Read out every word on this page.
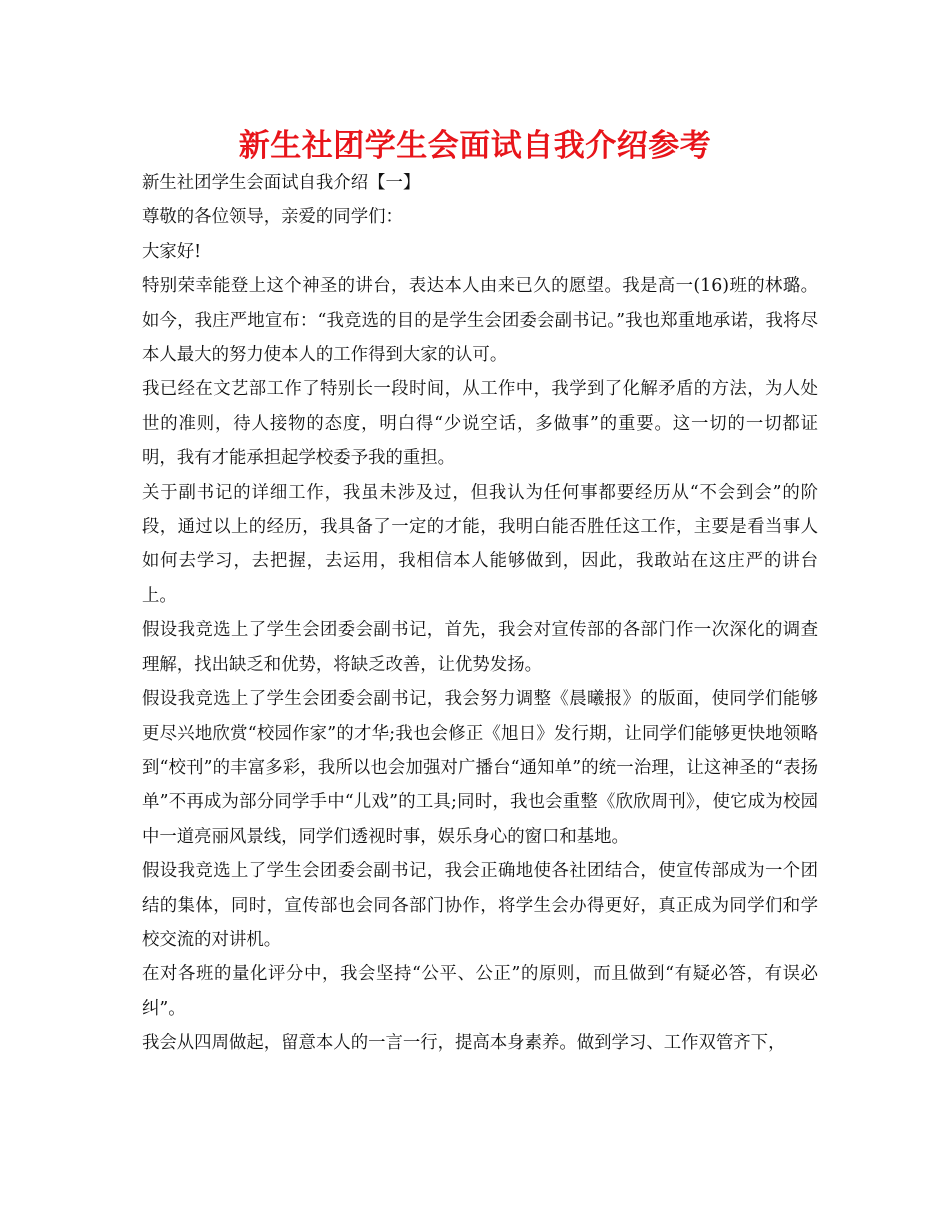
新生社团学生会面试自我介绍参考

新生社团学生会面试自我介绍【一】

尊敬的各位领导，亲爱的同学们：

大家好!

特别荣幸能登上这个神圣的讲台，表达本人由来已久的愿望。我是高一(16)班的林璐。如今，我庄严地宣布：“我竞选的目的是学生会团委会副书记。”我也郑重地承诺，我将尽本人最大的努力使本人的工作得到大家的认可。

我已经在文艺部工作了特别长一段时间，从工作中，我学到了化解矛盾的方法，为人处世的准则，待人接物的态度，明白得“少说空话，多做事”的重要。这一切的一切都证明，我有才能承担起学校委予我的重担。

关于副书记的详细工作，我虽未涉及过，但我认为任何事都要经历从“不会到会”的阶段，通过以上的经历，我具备了一定的才能，我明白能否胜任这工作，主要是看当事人如何去学习，去把握，去运用，我相信本人能够做到，因此，我敢站在这庄严的讲台上。

假设我竞选上了学生会团委会副书记，首先，我会对宣传部的各部门作一次深化的调查理解，找出缺乏和优势，将缺乏改善，让优势发扬。

假设我竞选上了学生会团委会副书记，我会努力调整《晨曦报》的版面，使同学们能够更尽兴地欣赏“校园作家”的才华;我也会修正《旭日》发行期，让同学们能够更快地领略到“校刊”的丰富多彩，我所以也会加强对广播台“通知单”的统一治理，让这神圣的“表扬单”不再成为部分同学手中“儿戏”的工具;同时，我也会重整《欣欣周刊》，使它成为校园中一道亮丽风景线，同学们透视时事，娱乐身心的窗口和基地。

假设我竞选上了学生会团委会副书记，我会正确地使各社团结合，使宣传部成为一个团结的集体，同时，宣传部也会同各部门协作，将学生会办得更好，真正成为同学们和学校交流的对讲机。

在对各班的量化评分中，我会坚持“公平、公正”的原则，而且做到“有疑必答，有误必纠”。

我会从四周做起，留意本人的一言一行，提高本身素养。做到学习、工作双管齐下，
